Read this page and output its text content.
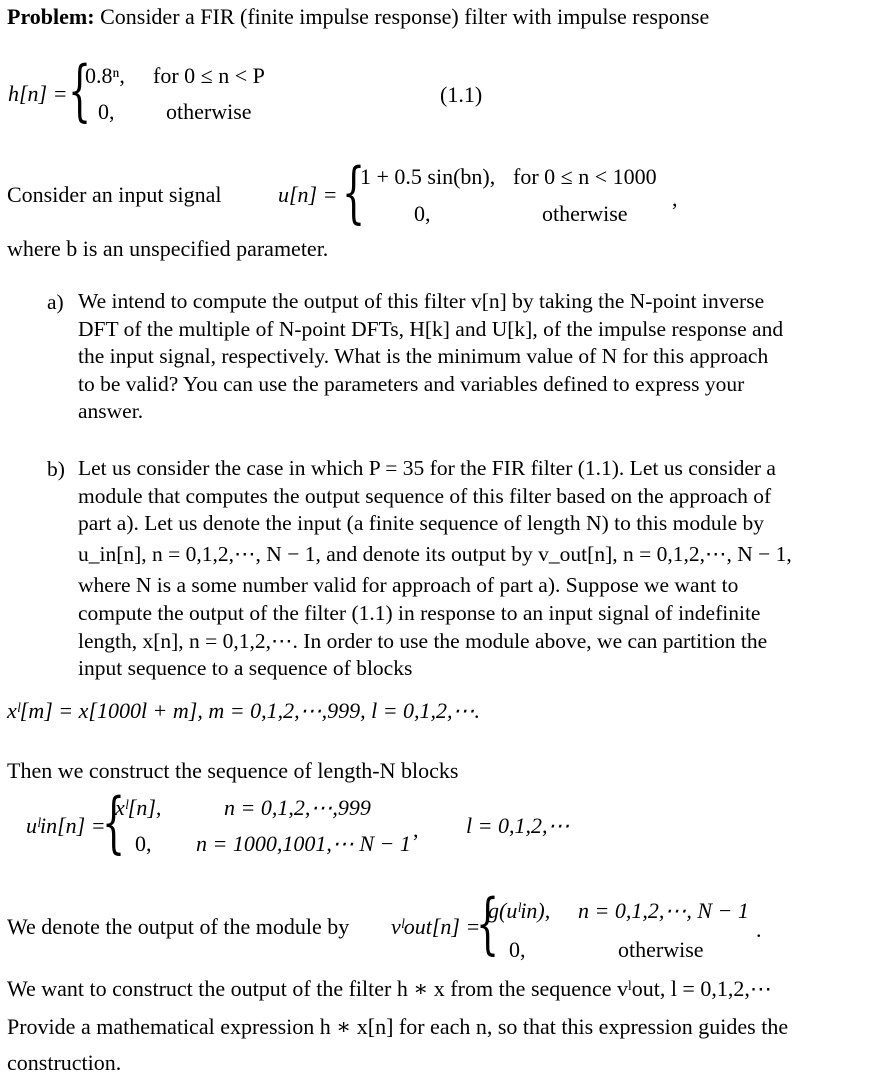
Problem: Consider a FIR (finite impulse response) filter with impulse response
h[n] = {
0.8ⁿ, for 0 ≤ n < P
0, otherwise
(1.1)
Consider an input signal	u[n] = {
1 + 0.5 sin(bn), for 0 ≤ n < 1000
0,	otherwise
,
where b is an unspecified parameter.
a) We intend to compute the output of this filter v[n] by taking the N-point inverse

DFT of the multiple of N-point DFTs, H[k] and U[k], of the impulse response and

the input signal, respectively. What is the minimum value of N for this approach

to be valid? You can use the parameters and variables defined to express your

answer.

b) Let us consider the case in which P = 35 for the FIR filter (1.1). Let us consider a

module that computes the output sequence of this filter based on the approach of

part a). Let us denote the input (a finite sequence of length N) to this module by

u_in[n], n = 0,1,2,⋯, N − 1, and denote its output by v_out[n], n = 0,1,2,⋯, N − 1,

where N is a some number valid for approach of part a). Suppose we want to

compute the output of the filter (1.1) in response to an input signal of indefinite

length, x[n], n = 0,1,2,⋯. In order to use the module above, we can partition the

input sequence to a sequence of blocks

xˡ[m] = x[1000l + m], m = 0,1,2,⋯,999, l = 0,1,2,⋯.
Then we construct the sequence of length-N blocks
uˡin[n] =
{
xˡ[n],	n = 0,1,2,⋯,999
0, n = 1000,1001,⋯ N − 1
, l = 0,1,2,⋯
We denote the output of the module by vˡout[n] =
{
g(uˡin), n = 0,1,2,⋯, N − 1
0,	otherwise
.
We want to construct the output of the filter h ∗ x from the sequence vˡout, l = 0,1,2,⋯
Provide a mathematical expression h ∗ x[n] for each n, so that this expression guides the
construction.
